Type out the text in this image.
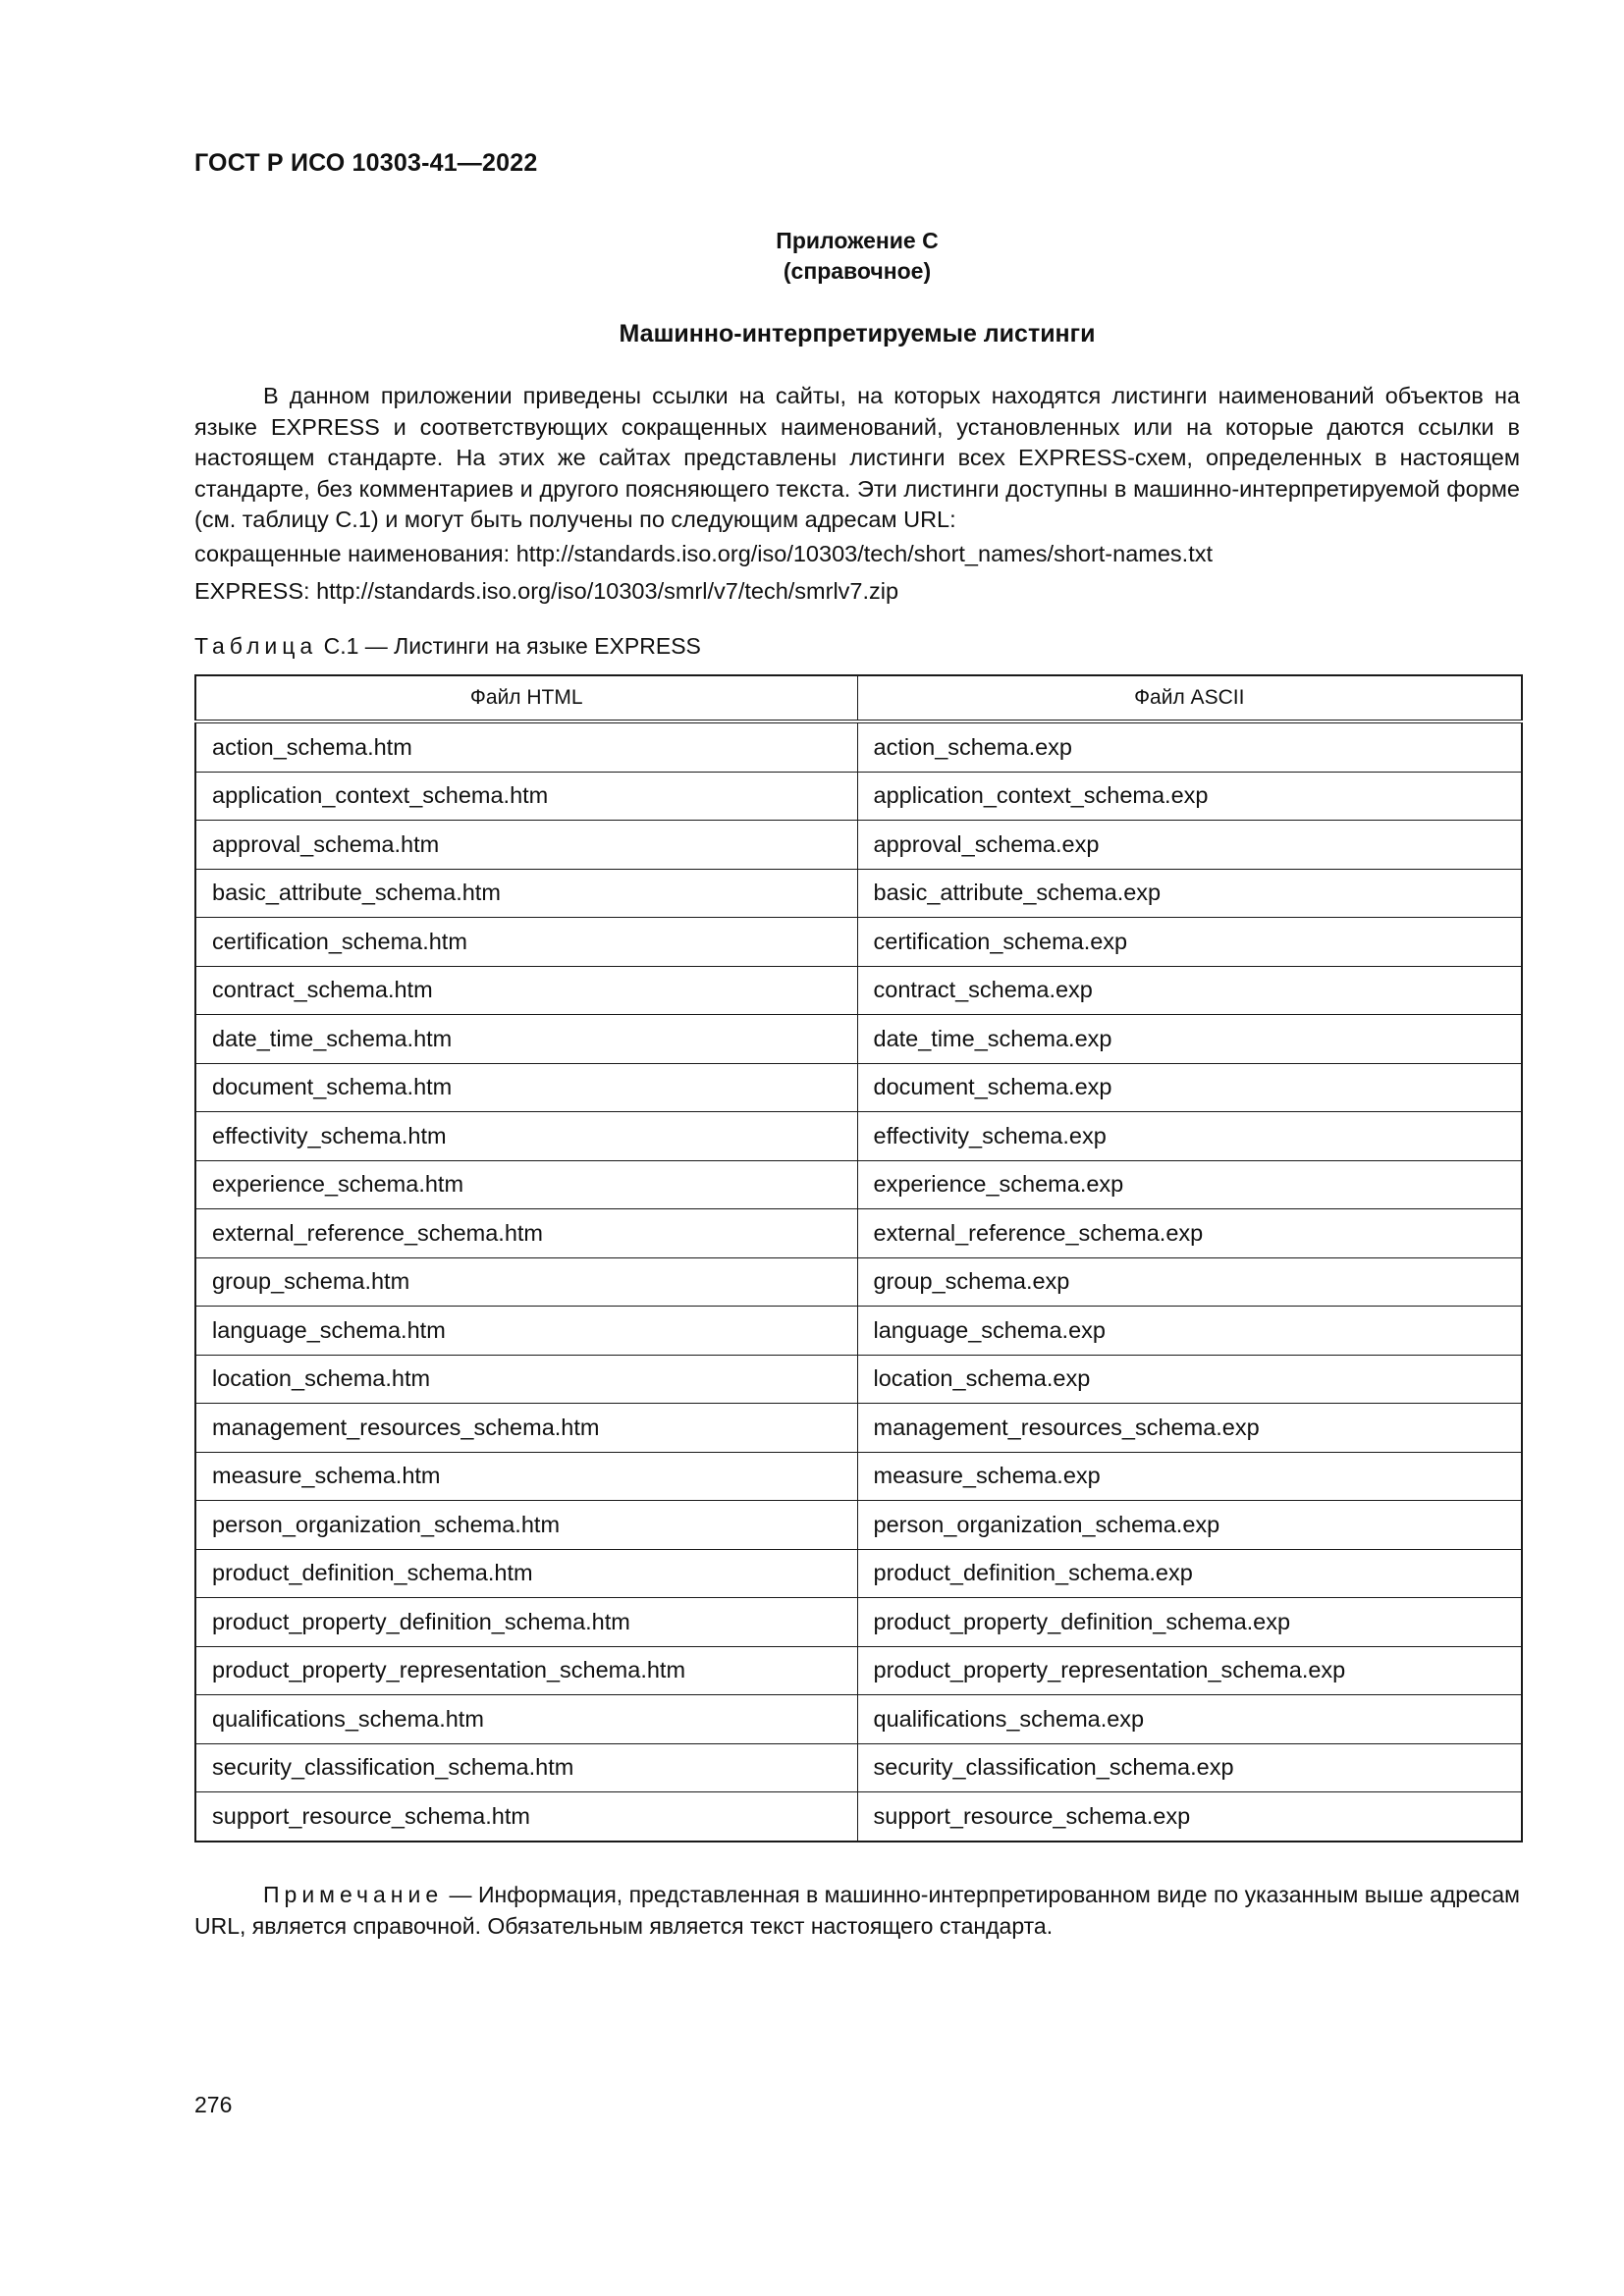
ГОСТ Р ИСО 10303-41—2022
Приложение С
(справочное)
Машинно-интерпретируемые листинги

В данном приложении приведены ссылки на сайты, на которых находятся листинги наименований объектов на языке EXPRESS и соответствующих сокращенных наименований, установленных или на которые даются ссылки в настоящем стандарте. На этих же сайтах представлены листинги всех EXPRESS-схем, определенных в настоящем стандарте, без комментариев и другого поясняющего текста. Эти листинги доступны в машинно-интерпретируемой форме (см. таблицу С.1) и могут быть получены по следующим адресам URL:

сокращенные наименования: http://standards.iso.org/iso/10303/tech/short_names/short-names.txt
EXPRESS: http://standards.iso.org/iso/10303/smrl/v7/tech/smrlv7.zip
Таблица С.1 — Листинги на языке EXPRESS
Файл HTML	Файл ASCII
action_schema.htm	action_schema.exp
application_context_schema.htm	application_context_schema.exp
approval_schema.htm	approval_schema.exp
basic_attribute_schema.htm	basic_attribute_schema.exp
certification_schema.htm	certification_schema.exp
contract_schema.htm	contract_schema.exp
date_time_schema.htm	date_time_schema.exp
document_schema.htm	document_schema.exp
effectivity_schema.htm	effectivity_schema.exp
experience_schema.htm	experience_schema.exp
external_reference_schema.htm	external_reference_schema.exp
group_schema.htm	group_schema.exp
language_schema.htm	language_schema.exp
location_schema.htm	location_schema.exp
management_resources_schema.htm	management_resources_schema.exp
measure_schema.htm	measure_schema.exp
person_organization_schema.htm	person_organization_schema.exp
product_definition_schema.htm	product_definition_schema.exp
product_property_definition_schema.htm	product_property_definition_schema.exp
product_property_representation_schema.htm	product_property_representation_schema.exp
qualifications_schema.htm	qualifications_schema.exp
security_classification_schema.htm	security_classification_schema.exp
support_resource_schema.htm	support_resource_schema.exp

Примечание — Информация, представленная в машинно-интерпретированном виде по указанным выше адресам URL, является справочной. Обязательным является текст настоящего стандарта.

276
